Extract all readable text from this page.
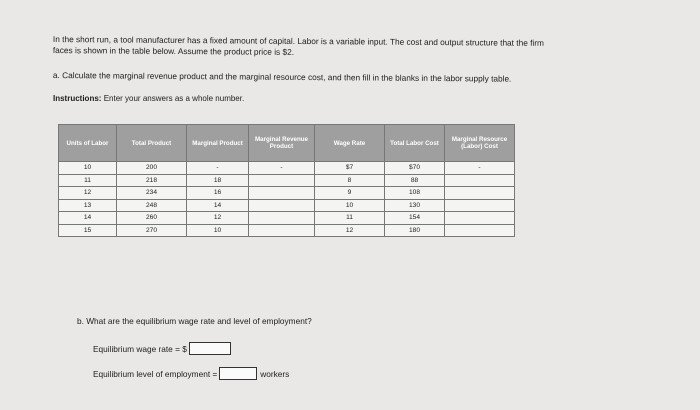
In the short run, a tool manufacturer has a fixed amount of capital. Labor is a variable input. The cost and output structure that the firm
faces is shown in the table below. Assume the product price is $2.
a. Calculate the marginal revenue product and the marginal resource cost, and then fill in the blanks in the labor supply table.
Instructions: Enter your answers as a whole number.
Units of Labor	Total Product	Marginal Product	Marginal Revenue Product	Wage Rate	Total Labor Cost	Marginal Resource (Labor) Cost
10	200	-	-	$7	$70	-
11	218	18		8	88	
12	234	16		9	108	
13	248	14		10	130	
14	260	12		11	154	
15	270	10		12	180	
b. What are the equilibrium wage rate and level of employment?
Equilibrium wage rate = $
Equilibrium level of employment =	workers
